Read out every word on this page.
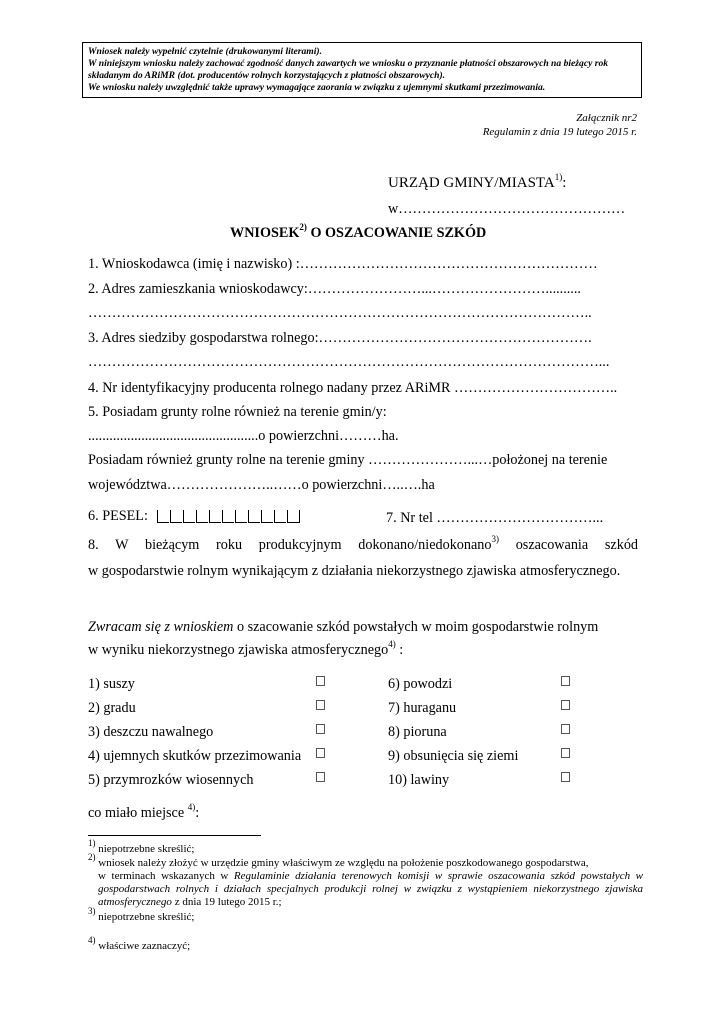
Wniosek należy wypełnić czytelnie (drukowanymi literami).

W niniejszym wniosku należy zachować zgodność danych zawartych we wniosku o przyznanie płatności obszarowych na bieżący rok składanym do ARiMR (dot. producentów rolnych korzystających z płatności obszarowych).

We wniosku należy uwzględnić także uprawy wymagające zaorania w związku z ujemnymi skutkami przezimowania.

Załącznik nr2
Regulamin z dnia 19 lutego 2015 r.
URZĄD GMINY/MIASTA$^{1)}$:
w…………………………………………
WNIOSEK$^{2)}$ O OSZACOWANIE SZKÓD
1. Wnioskodawca (imię i nazwisko) :………………………………………………………
2. Adres zamieszkania wnioskodawcy:……………………...……………………..........
……………………………………………………………………………………………..
3. Adres siedziby gospodarstwa rolnego:………………………………………………….
………………………………………………………………………………………………...
4. Nr identyfikacyjny producenta rolnego nadany przez ARiMR ……………………………..
5. Posiadam grunty rolne również na terenie gmin/y:
................................................o powierzchni………ha.
Posiadam również grunty rolne na terenie gminy …………………...…położonej na terenie
województwa…………………..……o powierzchni…..….ha
6. PESEL:	7. Nr tel ……………………………...
8. W bieżącym roku produkcyjnym dokonano/niedokonano$^{3)}$ oszacowania szkód
w gospodarstwie rolnym wynikającym z działania niekorzystnego zjawiska atmosferycznego.
Zwracam się z wnioskiem o szacowanie szkód powstałych w moim gospodarstwie rolnym
w wyniku niekorzystnego zjawiska atmosferycznego$^{4)}$ :
1) suszy
2) gradu
3) deszczu nawalnego
4) ujemnych skutków przezimowania
5) przymrozków wiosennych
6) powodzi
7) huraganu
8) pioruna
9) obsunięcia się ziemi
10) lawiny
co miało miejsce $^{4)}$:
$^{1)}$ niepotrzebne skreślić;
$^{2)}$ wniosek należy złożyć w urzędzie gminy właściwym ze względu na położenie poszkodowanego gospodarstwa,
w terminach wskazanych w Regulaminie działania terenowych komisji w sprawie oszacowania szkód powstałych w gospodarstwach rolnych i działach specjalnych produkcji rolnej w związku z wystąpieniem niekorzystnego zjawiska atmosferycznego z dnia 19 lutego 2015 r.;
$^{3)}$ niepotrzebne skreślić;
$^{4)}$ właściwe zaznaczyć;
